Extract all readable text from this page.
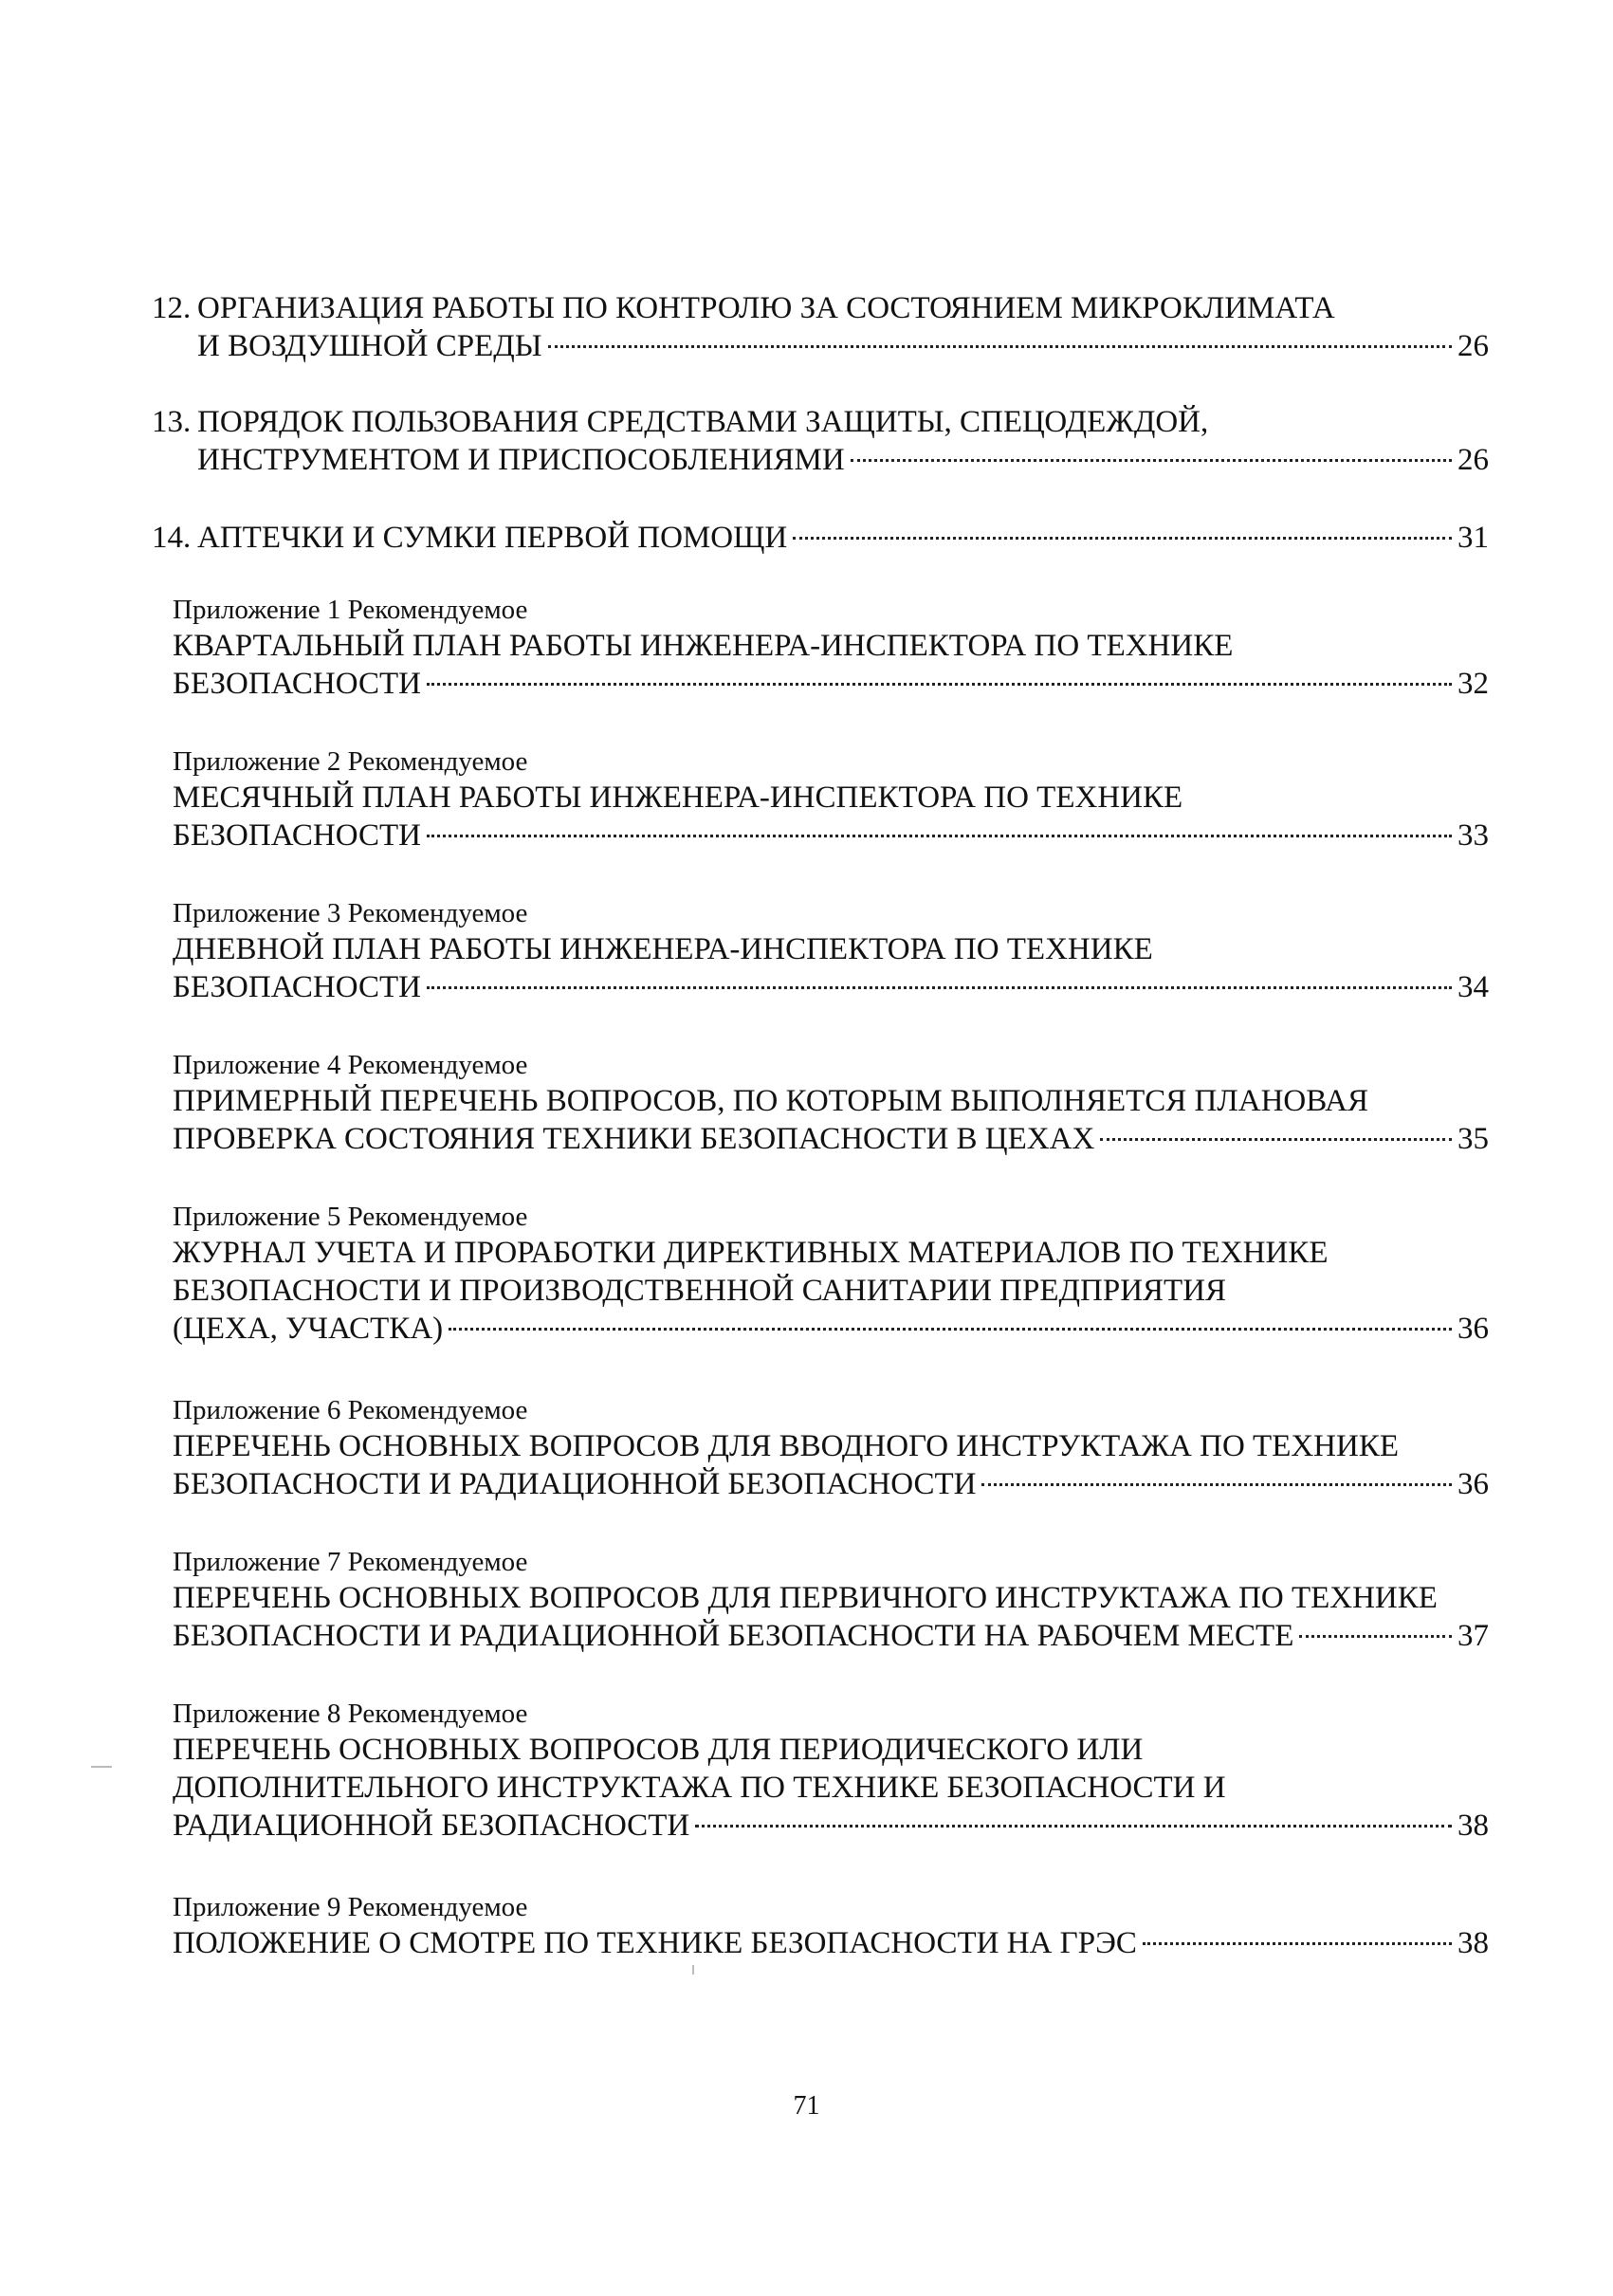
12. ОРГАНИЗАЦИЯ РАБОТЫ ПО КОНТРОЛЮ ЗА СОСТОЯНИЕМ МИКРОКЛИМАТА
И ВОЗДУШНОЙ СРЕДЫ	26
13. ПОРЯДОК ПОЛЬЗОВАНИЯ СРЕДСТВАМИ ЗАЩИТЫ, СПЕЦОДЕЖДОЙ,
ИНСТРУМЕНТОМ И ПРИСПОСОБЛЕНИЯМИ	26
14. АПТЕЧКИ И СУМКИ ПЕРВОЙ ПОМОЩИ	31
Приложение 1 Рекомендуемое
КВАРТАЛЬНЫЙ ПЛАН РАБОТЫ ИНЖЕНЕРА-ИНСПЕКТОРА ПО ТЕХНИКЕ
БЕЗОПАСНОСТИ	32
Приложение 2 Рекомендуемое
МЕСЯЧНЫЙ ПЛАН РАБОТЫ ИНЖЕНЕРА-ИНСПЕКТОРА ПО ТЕХНИКЕ
БЕЗОПАСНОСТИ	33
Приложение 3 Рекомендуемое
ДНЕВНОЙ ПЛАН РАБОТЫ ИНЖЕНЕРА-ИНСПЕКТОРА ПО ТЕХНИКЕ
БЕЗОПАСНОСТИ	34
Приложение 4 Рекомендуемое
ПРИМЕРНЫЙ ПЕРЕЧЕНЬ ВОПРОСОВ, ПО КОТОРЫМ ВЫПОЛНЯЕТСЯ ПЛАНОВАЯ
ПРОВЕРКА СОСТОЯНИЯ ТЕХНИКИ БЕЗОПАСНОСТИ В ЦЕХАХ	35
Приложение 5 Рекомендуемое
ЖУРНАЛ УЧЕТА И ПРОРАБОТКИ ДИРЕКТИВНЫХ МАТЕРИАЛОВ ПО ТЕХНИКЕ
БЕЗОПАСНОСТИ И ПРОИЗВОДСТВЕННОЙ САНИТАРИИ ПРЕДПРИЯТИЯ
(ЦЕХА, УЧАСТКА)	36
Приложение 6 Рекомендуемое
ПЕРЕЧЕНЬ ОСНОВНЫХ ВОПРОСОВ ДЛЯ ВВОДНОГО ИНСТРУКТАЖА ПО ТЕХНИКЕ
БЕЗОПАСНОСТИ И РАДИАЦИОННОЙ БЕЗОПАСНОСТИ	36
Приложение 7 Рекомендуемое
ПЕРЕЧЕНЬ ОСНОВНЫХ ВОПРОСОВ ДЛЯ ПЕРВИЧНОГО ИНСТРУКТАЖА ПО ТЕХНИКЕ
БЕЗОПАСНОСТИ И РАДИАЦИОННОЙ БЕЗОПАСНОСТИ НА РАБОЧЕМ МЕСТЕ	37
Приложение 8 Рекомендуемое
ПЕРЕЧЕНЬ ОСНОВНЫХ ВОПРОСОВ ДЛЯ ПЕРИОДИЧЕСКОГО ИЛИ
ДОПОЛНИТЕЛЬНОГО ИНСТРУКТАЖА ПО ТЕХНИКЕ БЕЗОПАСНОСТИ И
РАДИАЦИОННОЙ БЕЗОПАСНОСТИ	38
Приложение 9 Рекомендуемое
ПОЛОЖЕНИЕ О СМОТРЕ ПО ТЕХНИКЕ БЕЗОПАСНОСТИ НА ГРЭС	38
71
